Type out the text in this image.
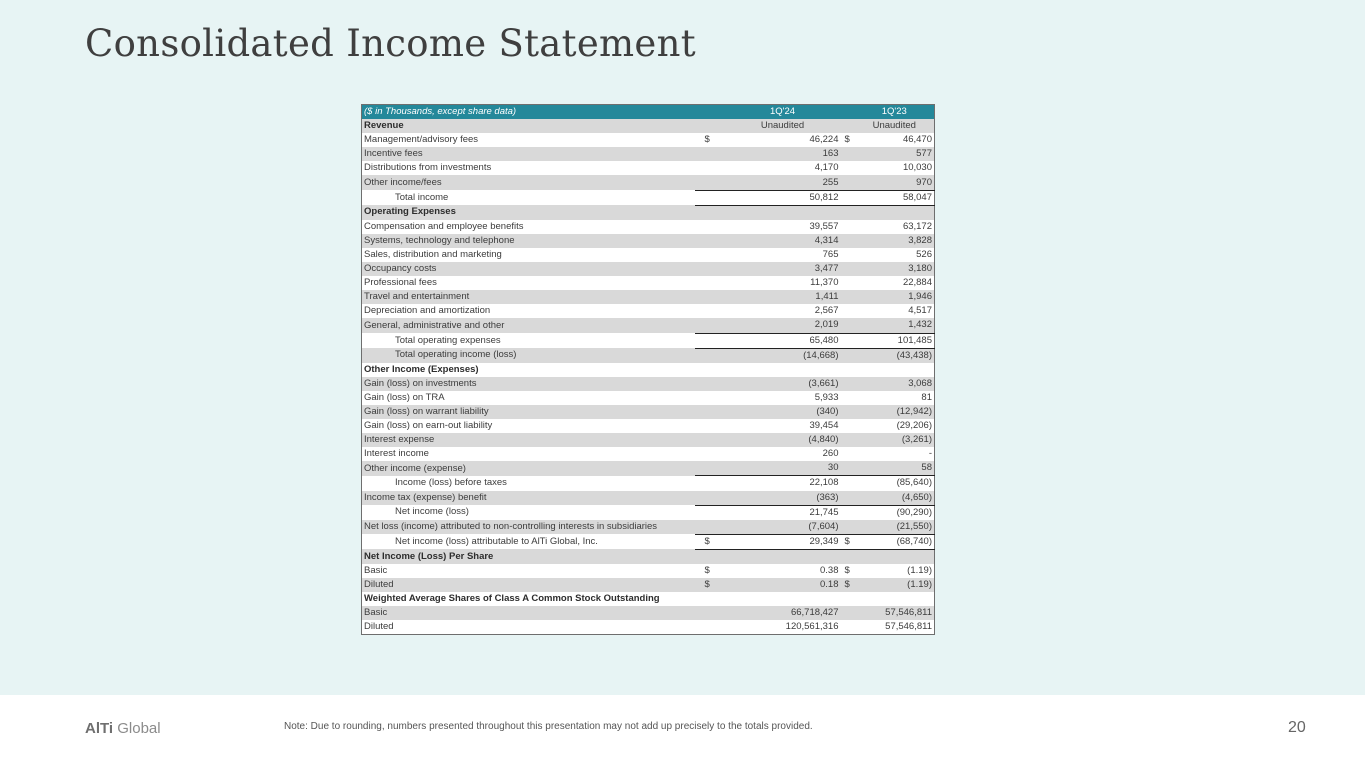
Consolidated Income Statement
($ in Thousands, except share data)		1Q'24		1Q'23
Revenue		Unaudited		Unaudited
Management/advisory fees	$	46,224	$	46,470
Incentive fees		163		577
Distributions from investments		4,170		10,030
Other income/fees		255		970
Total income		50,812		58,047
Operating Expenses				
Compensation and employee benefits		39,557		63,172
Systems, technology and telephone		4,314		3,828
Sales, distribution and marketing		765		526
Occupancy costs		3,477		3,180
Professional fees		11,370		22,884
Travel and entertainment		1,411		1,946
Depreciation and amortization		2,567		4,517
General, administrative and other		2,019		1,432
Total operating expenses		65,480		101,485
Total operating income (loss)		(14,668)		(43,438)
Other Income (Expenses)				
Gain (loss) on investments		(3,661)		3,068
Gain (loss) on TRA		5,933		81
Gain (loss) on warrant liability		(340)		(12,942)
Gain (loss) on earn-out liability		39,454		(29,206)
Interest expense		(4,840)		(3,261)
Interest income		260		-
Other income (expense)		30		58
Income (loss) before taxes		22,108		(85,640)
Income tax (expense) benefit		(363)		(4,650)
Net income (loss)		21,745		(90,290)
Net loss (income) attributed to non-controlling interests in subsidiaries		(7,604)		(21,550)
Net income (loss) attributable to AlTi Global, Inc.	$	29,349	$	(68,740)
Net Income (Loss) Per Share				
Basic	$	0.38	$	(1.19)
Diluted	$	0.18	$	(1.19)
Weighted Average Shares of Class A Common Stock Outstanding				
Basic		66,718,427		57,546,811
Diluted		120,561,316		57,546,811
AlTi Global	Note: Due to rounding, numbers presented throughout this presentation may not add up precisely to the totals provided.	20
